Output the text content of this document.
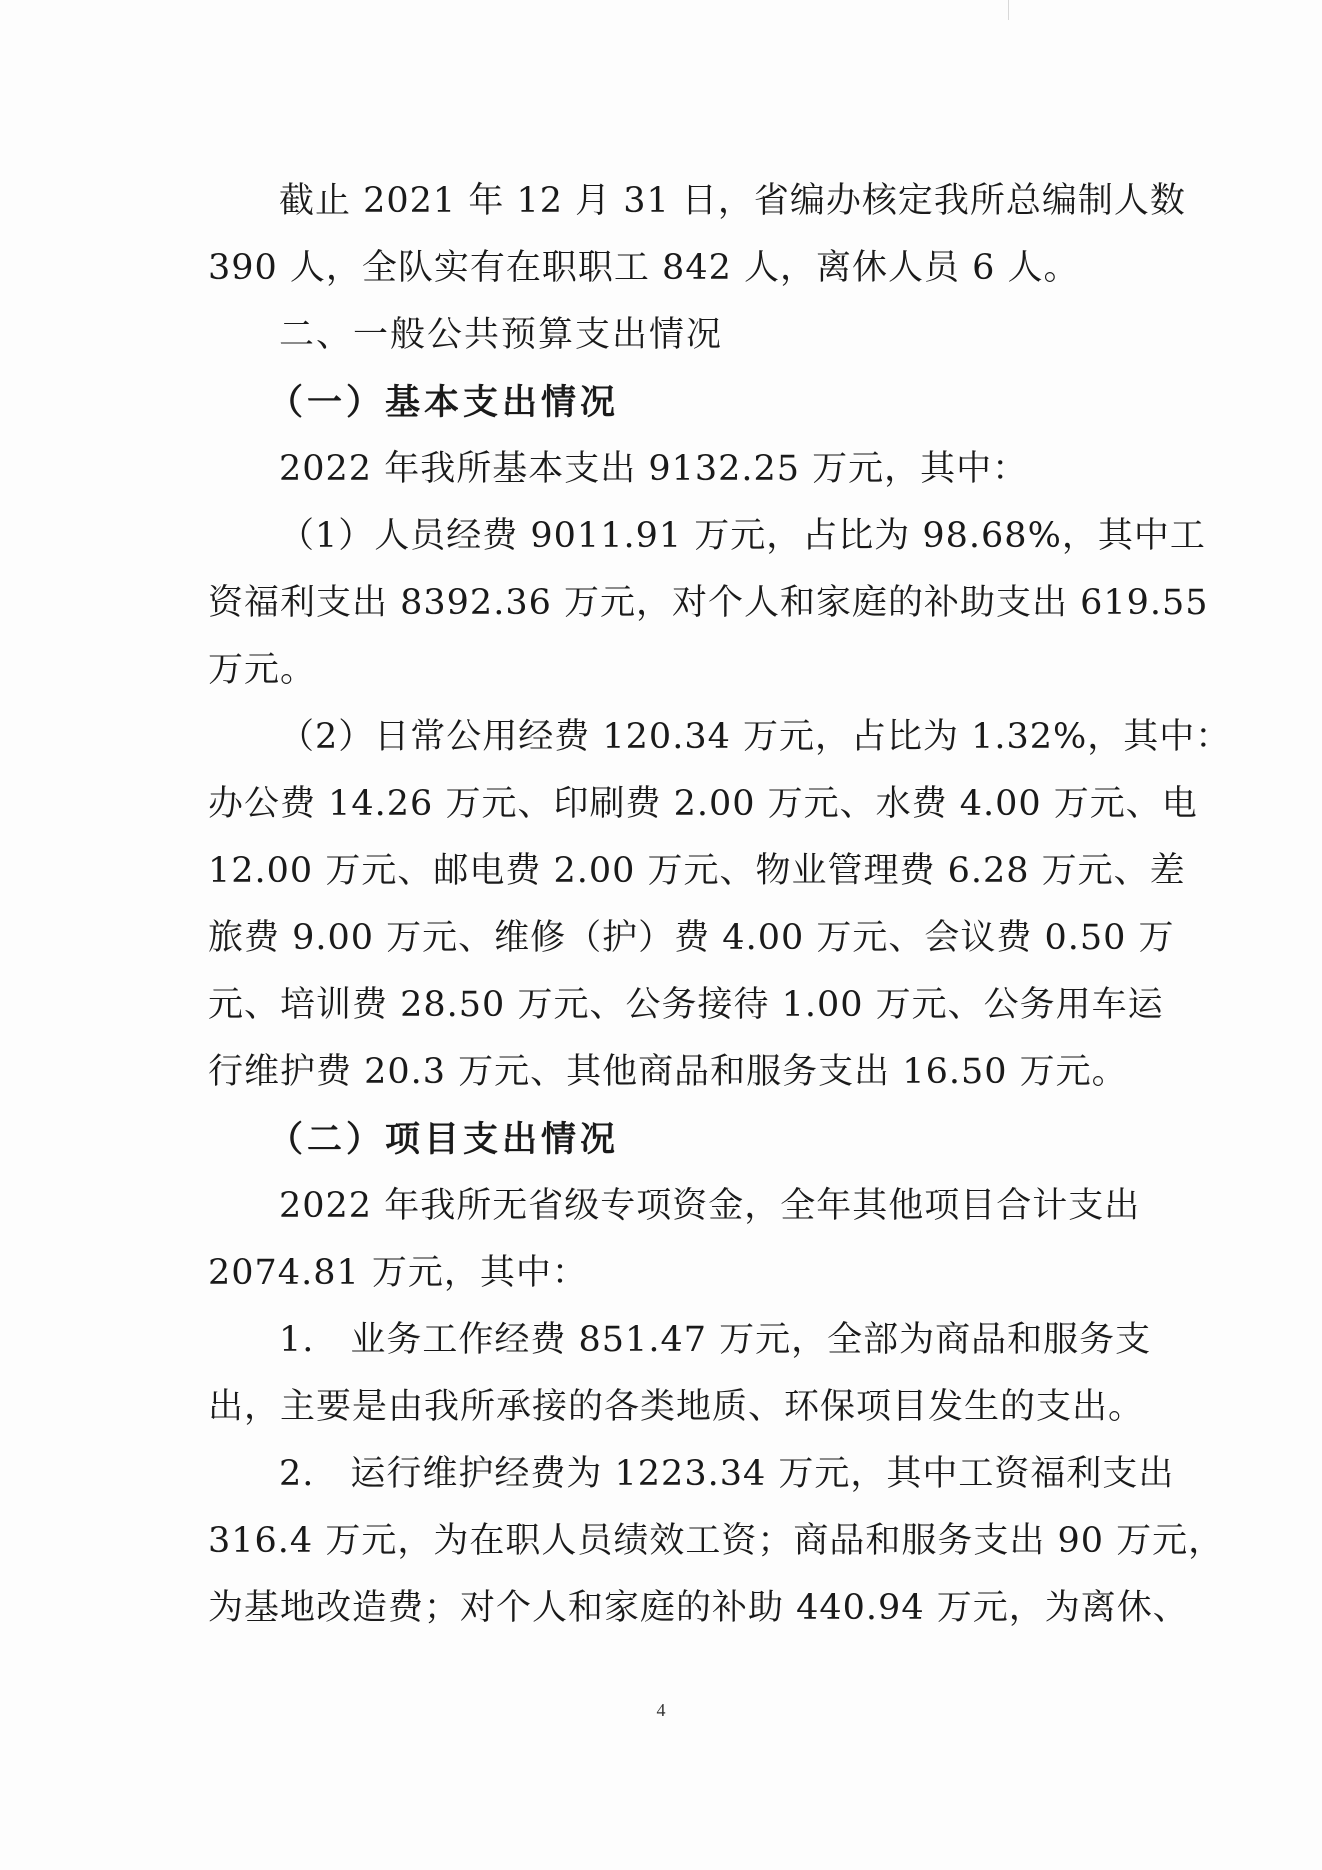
截止 2021 年 12 月 31 日，省编办核定我所总编制人数
390 人，全队实有在职职工 842 人，离休人员 6 人。
二、一般公共预算支出情况
（一）基本支出情况
2022 年我所基本支出 9132.25 万元，其中：
（1）人员经费 9011.91 万元，占比为 98.68%，其中工
资福利支出 8392.36 万元，对个人和家庭的补助支出 619.55
万元。
（2）日常公用经费 120.34 万元，占比为 1.32%，其中：
办公费 14.26 万元、印刷费 2.00 万元、水费 4.00 万元、电
12.00 万元、邮电费 2.00 万元、物业管理费 6.28 万元、差
旅费 9.00 万元、维修（护）费 4.00 万元、会议费 0.50 万
元、培训费 28.50 万元、公务接待 1.00 万元、公务用车运
行维护费 20.3 万元、其他商品和服务支出 16.50 万元。
（二）项目支出情况
2022 年我所无省级专项资金，全年其他项目合计支出
2074.81 万元，其中：
1.　业务工作经费 851.47 万元，全部为商品和服务支
出，主要是由我所承接的各类地质、环保项目发生的支出。
2.　运行维护经费为 1223.34 万元，其中工资福利支出
316.4 万元，为在职人员绩效工资；商品和服务支出 90 万元，
为基地改造费；对个人和家庭的补助 440.94 万元，为离休、
4
